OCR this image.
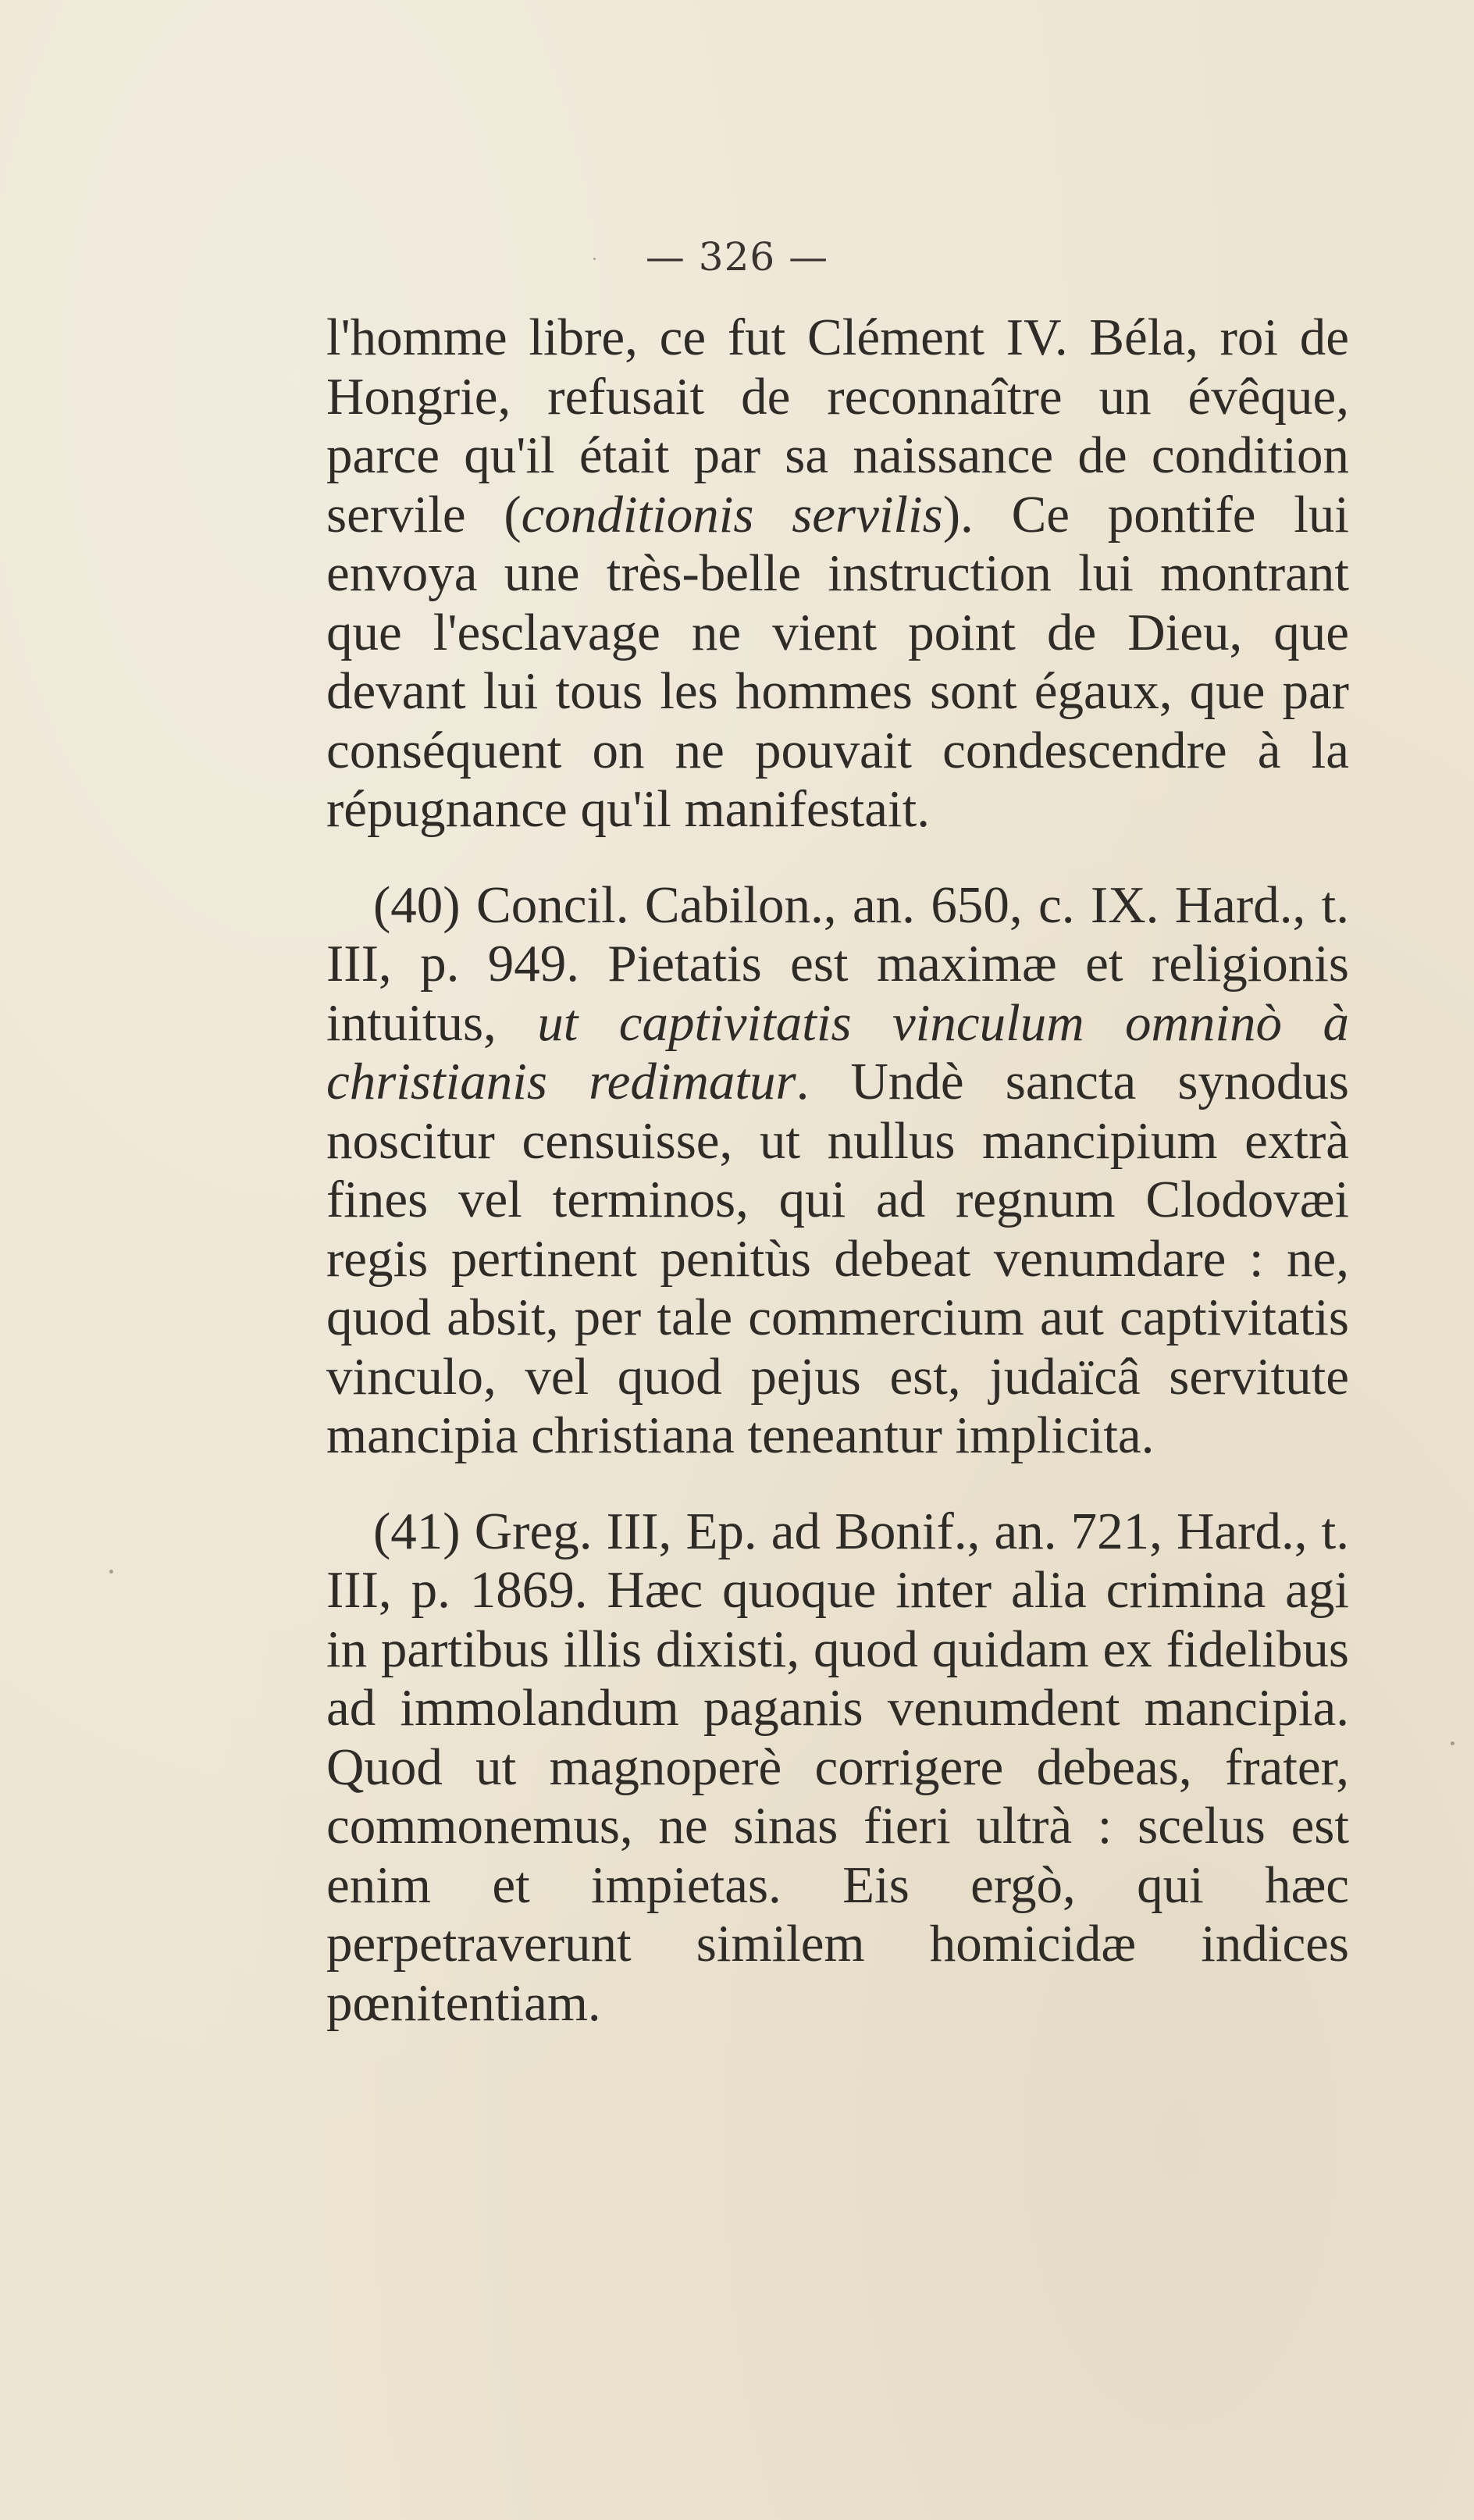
— 326 —

l'homme libre, ce fut Clément IV. Béla, roi de Hongrie, refusait de reconnaître un évêque, parce qu'il était par sa naissance de condition servile (conditionis servilis). Ce pontife lui envoya une très-belle instruction lui montrant que l'esclavage ne vient point de Dieu, que devant lui tous les hommes sont égaux, que par conséquent on ne pouvait condescendre à la répugnance qu'il manifestait.

(40) Concil. Cabilon., an. 650, c. IX. Hard., t. III, p. 949. Pietatis est maximæ et religionis intuitus, ut captivitatis vinculum omninò à christianis redimatur. Undè sancta synodus noscitur censuisse, ut nullus mancipium extrà fines vel terminos, qui ad regnum Clodovæi regis pertinent penitùs debeat venumdare : ne, quod absit, per tale commercium aut captivitatis vinculo, vel quod pejus est, judaïcâ servitute mancipia christiana teneantur implicita.

(41) Greg. III, Ep. ad Bonif., an. 721, Hard., t. III, p. 1869. Hæc quoque inter alia crimina agi in partibus illis dixisti, quod quidam ex fidelibus ad immolandum paganis venumdent mancipia. Quod ut magnoperè corrigere debeas, frater, commonemus, ne sinas fieri ultrà : scelus est enim et impietas. Eis ergò, qui hæc perpetraverunt similem homicidæ indices pœnitentiam.
